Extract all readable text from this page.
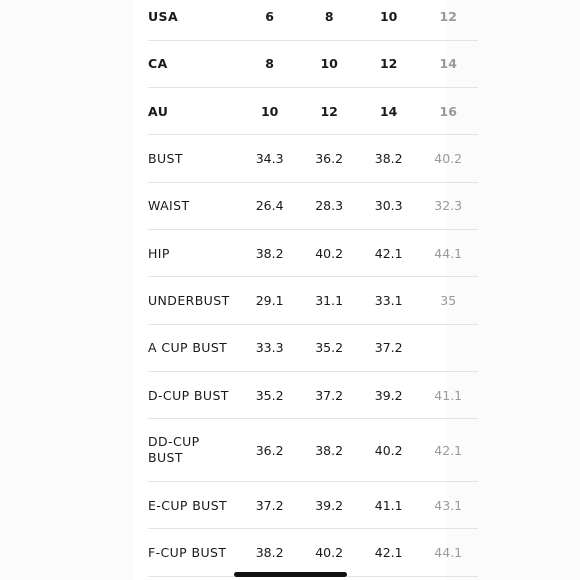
USA	6	8	10	12
CA	8	10	12	14
AU	10	12	14	16
BUST	34.3	36.2	38.2	40.2
WAIST	26.4	28.3	30.3	32.3
HIP	38.2	40.2	42.1	44.1
UNDERBUST	29.1	31.1	33.1	35
A CUP BUST	33.3	35.2	37.2	
D-CUP BUST	35.2	37.2	39.2	41.1
DD-CUP
BUST	36.2	38.2	40.2	42.1
E-CUP BUST	37.2	39.2	41.1	43.1
F-CUP BUST	38.2	40.2	42.1	44.1
